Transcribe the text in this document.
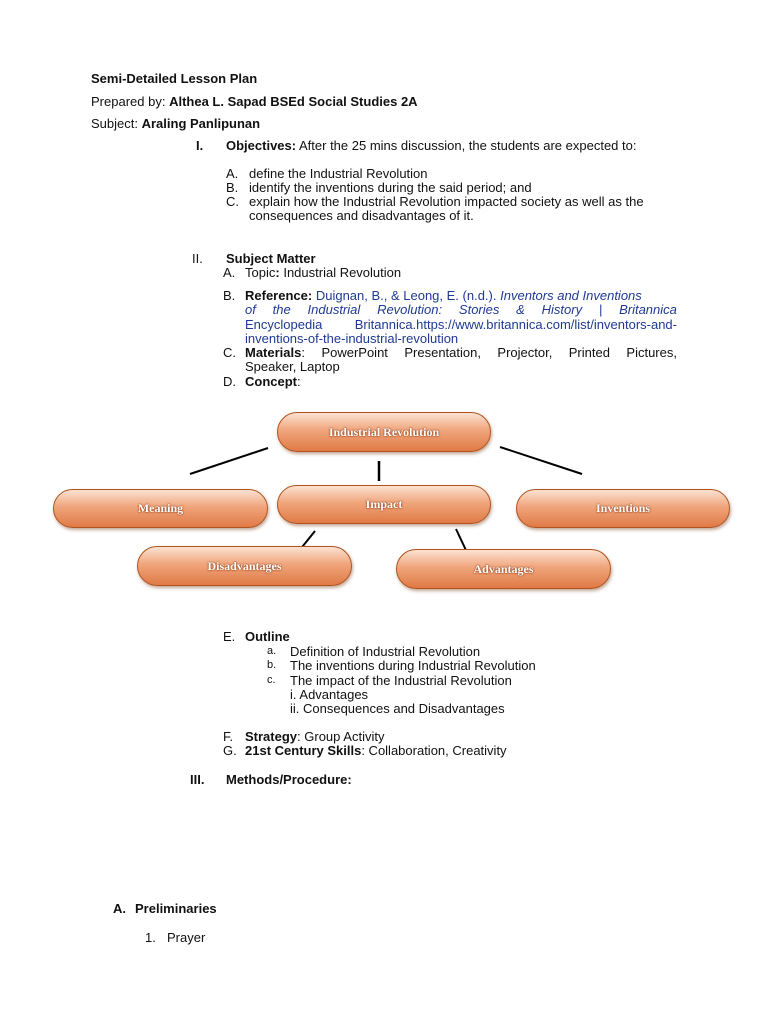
Semi-Detailed Lesson Plan
Prepared by: Althea L. Sapad BSEd Social Studies 2A
Subject: Araling Panlipunan
I. Objectives: After the 25 mins discussion, the students are expected to:
A. define the Industrial Revolution
B. identify the inventions during the said period; and
C. explain how the Industrial Revolution impacted society as well as the
consequences and disadvantages of it.
II. Subject Matter
A. Topic: Industrial Revolution
B. Reference: Duignan, B., & Leong, E. (n.d.). Inventors and Inventions
of the Industrial Revolution: Stories & History | Britannica
Encyclopedia Britannica.https://www.britannica.com/list/inventors-and-
inventions-of-the-industrial-revolution
C. Materials: PowerPoint Presentation, Projector, Printed Pictures,
Speaker, Laptop
D. Concept:
Industrial Revolution
Meaning	Impact	Inventions
Disadvantages	Advantages
E. Outline
a. Definition of Industrial Revolution
b. The inventions during Industrial Revolution
c. The impact of the Industrial Revolution
i. Advantages
ii. Consequences and Disadvantages
F. Strategy: Group Activity
G. 21st Century Skills: Collaboration, Creativity
III. Methods/Procedure:
A. Preliminaries
1. Prayer
